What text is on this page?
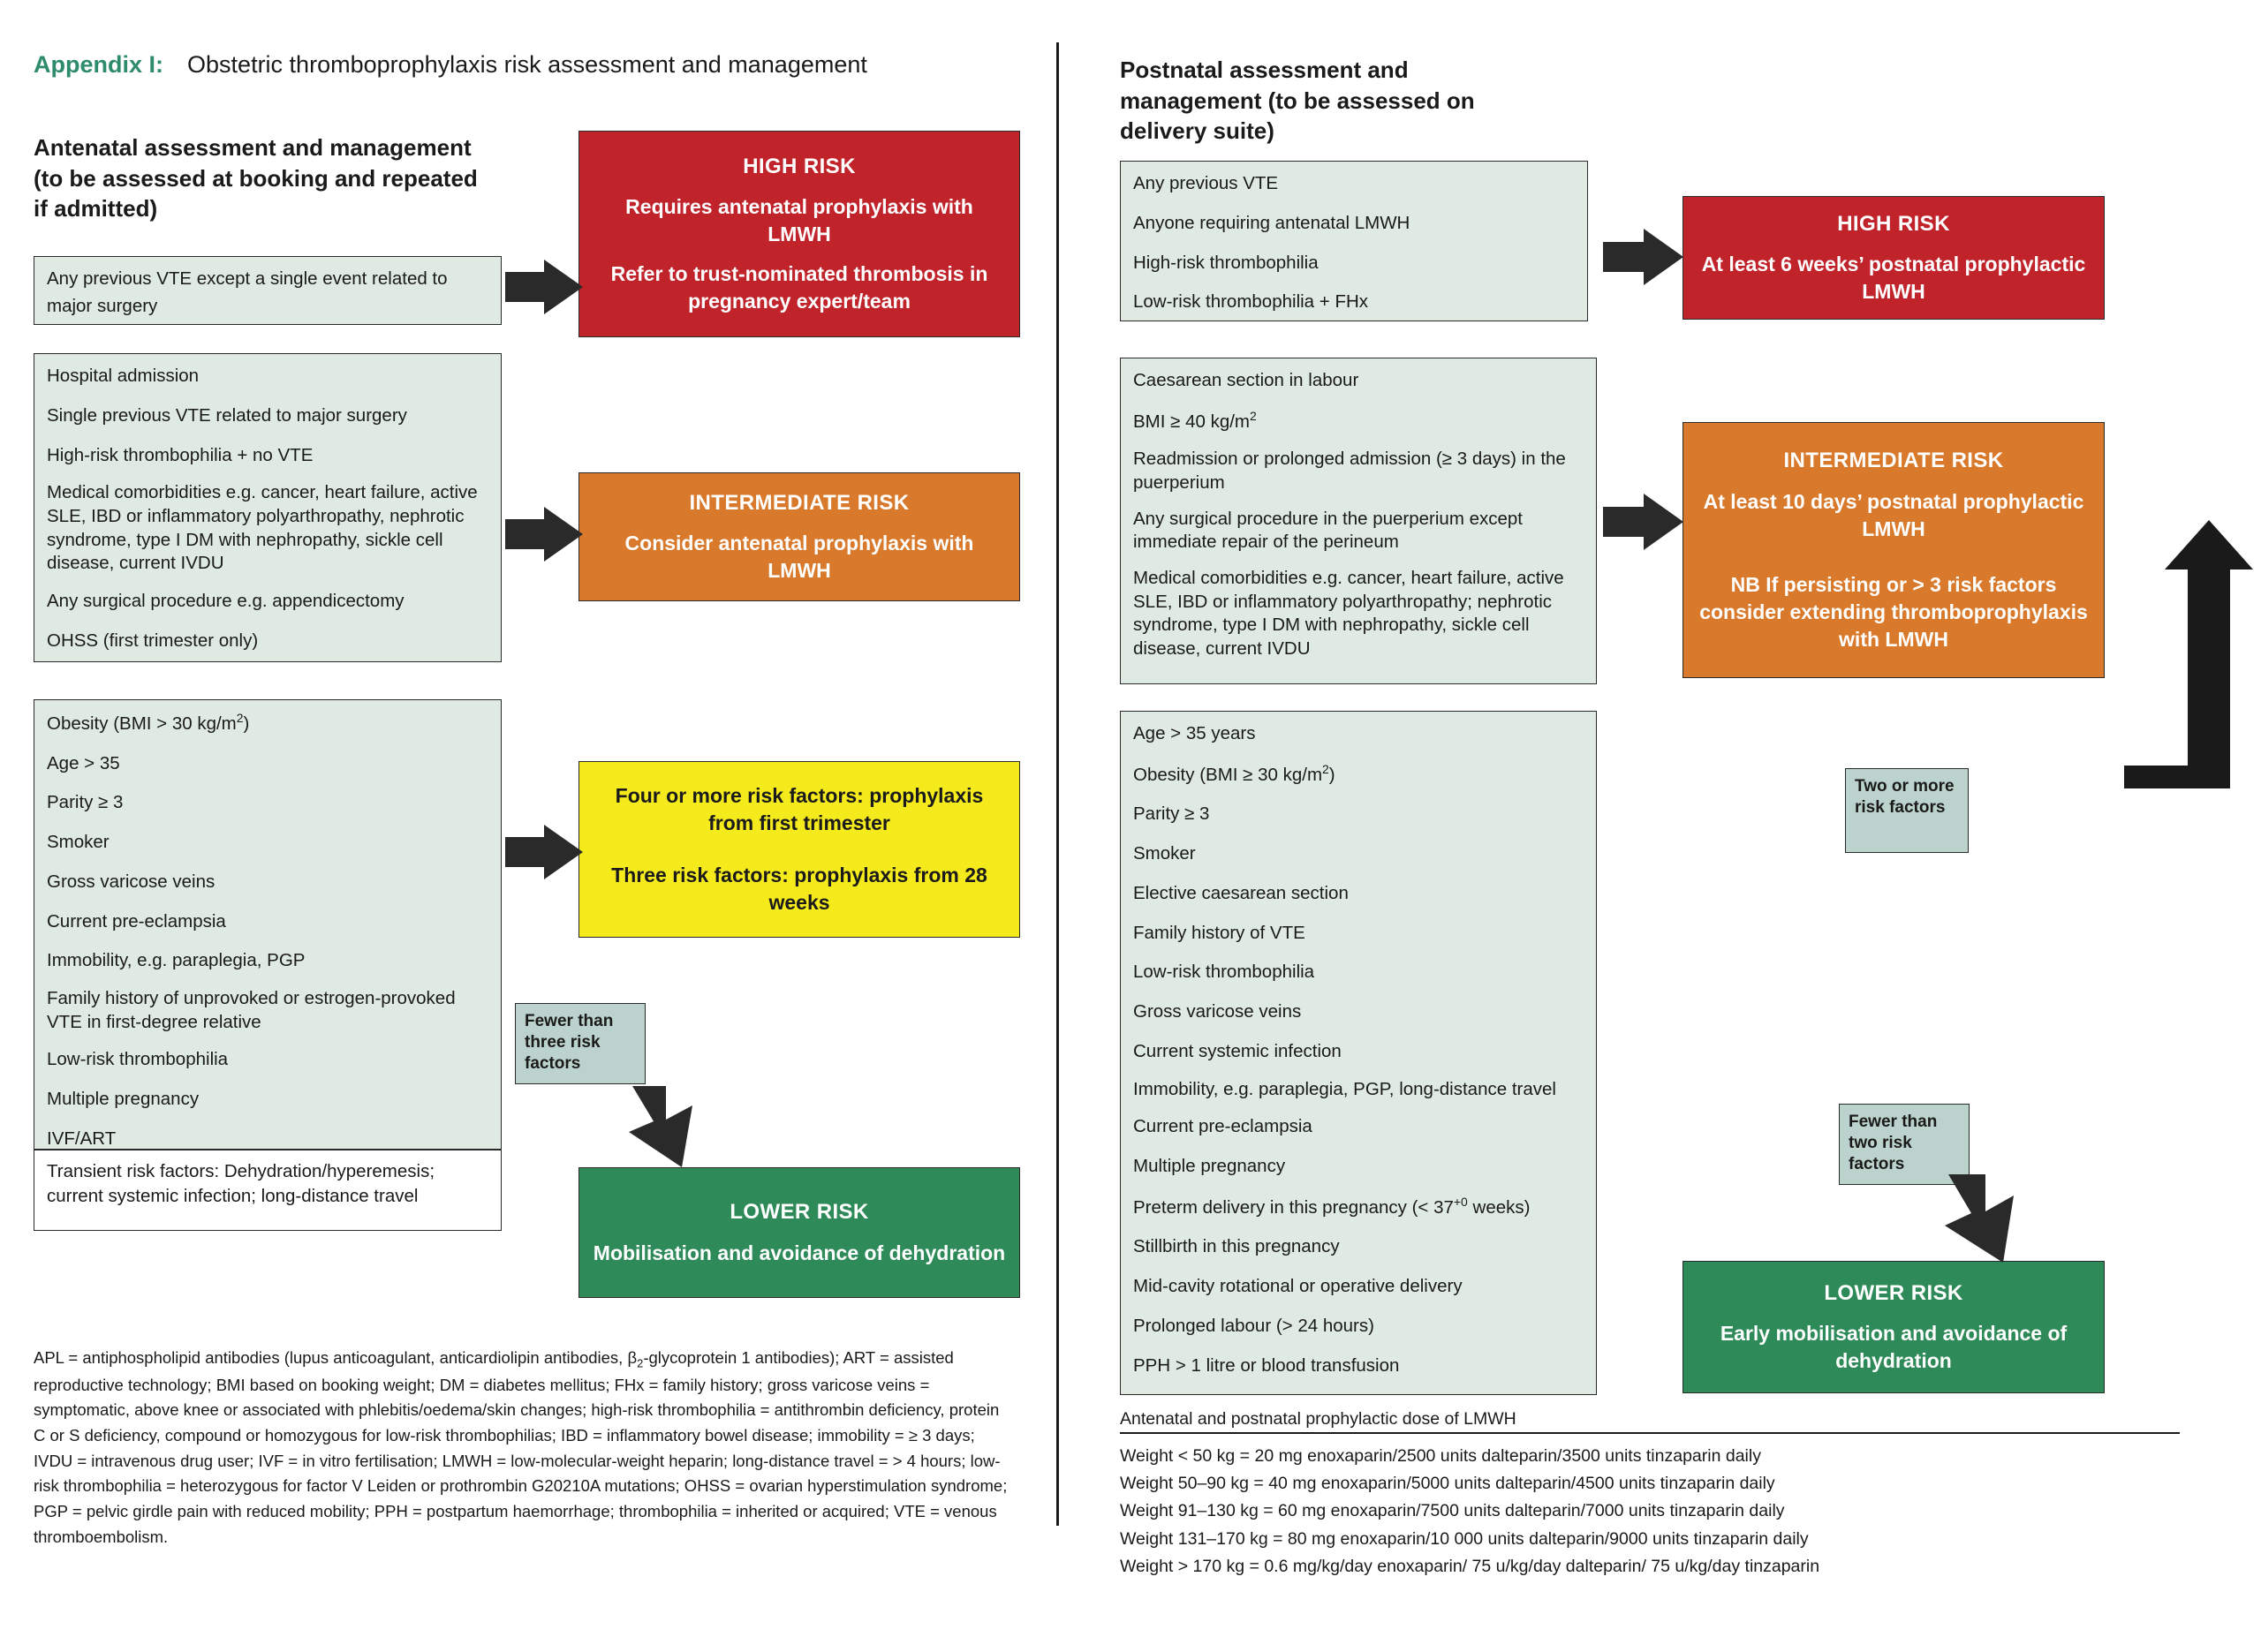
Appendix I: Obstetric thromboprophylaxis risk assessment and management
Antenatal assessment and management (to be assessed at booking and repeated if admitted)
Any previous VTE except a single event related to major surgery
Hospital admission
Single previous VTE related to major surgery
High-risk thrombophilia + no VTE
Medical comorbidities e.g. cancer, heart failure, active SLE, IBD or inflammatory polyarthropathy, nephrotic syndrome, type I DM with nephropathy, sickle cell disease, current IVDU
Any surgical procedure e.g. appendicectomy
OHSS (first trimester only)
Obesity (BMI > 30 $kg/m^2$)
Age > 35
Parity ≥ 3
Smoker
Gross varicose veins
Current pre-eclampsia
Immobility, e.g. paraplegia, PGP
Family history of unprovoked or estrogen-provoked VTE in first-degree relative
Low-risk thrombophilia
Multiple pregnancy
IVF/ART
Transient risk factors: Dehydration/hyperemesis; current systemic infection; long-distance travel
HIGH RISK

Requires antenatal prophylaxis with LMWH

Refer to trust-nominated thrombosis in pregnancy expert/team

INTERMEDIATE RISK

Consider antenatal prophylaxis with LMWH

Four or more risk factors: prophylaxis from first trimester

Three risk factors: prophylaxis from 28 weeks

LOWER RISK

Mobilisation and avoidance of dehydration

Fewer than three risk factors
APL = antiphospholipid antibodies (lupus anticoagulant, anticardiolipin antibodies, $\beta_2$-glycoprotein 1 antibodies); ART = assisted reproductive technology; BMI based on booking weight; DM = diabetes mellitus; FHx = family history; gross varicose veins = symptomatic, above knee or associated with phlebitis/oedema/skin changes; high-risk thrombophilia = antithrombin deficiency, protein C or S deficiency, compound or homozygous for low-risk thrombophilias; IBD = inflammatory bowel disease; immobility = ≥ 3 days; IVDU = intravenous drug user; IVF = in vitro fertilisation; LMWH = low-molecular-weight heparin; long-distance travel = > 4 hours; low-risk thrombophilia = heterozygous for factor V Leiden or prothrombin G20210A mutations; OHSS = ovarian hyperstimulation syndrome; PGP = pelvic girdle pain with reduced mobility; PPH = postpartum haemorrhage; thrombophilia = inherited or acquired; VTE = venous thromboembolism.
Postnatal assessment and management (to be assessed on delivery suite)
Any previous VTE
Anyone requiring antenatal LMWH
High-risk thrombophilia
Low-risk thrombophilia + FHx
Caesarean section in labour
BMI ≥ 40 $kg/m^2$
Readmission or prolonged admission (≥ 3 days) in the puerperium
Any surgical procedure in the puerperium except immediate repair of the perineum
Medical comorbidities e.g. cancer, heart failure, active SLE, IBD or inflammatory polyarthropathy; nephrotic syndrome, type I DM with nephropathy, sickle cell disease, current IVDU
Age > 35 years
Obesity (BMI ≥ 30 $kg/m^2$)
Parity ≥ 3
Smoker
Elective caesarean section
Family history of VTE
Low-risk thrombophilia
Gross varicose veins
Current systemic infection
Immobility, e.g. paraplegia, PGP, long-distance travel
Current pre-eclampsia
Multiple pregnancy
Preterm delivery in this pregnancy (< $37^{+0}$ weeks)
Stillbirth in this pregnancy
Mid-cavity rotational or operative delivery
Prolonged labour (> 24 hours)
PPH > 1 litre or blood transfusion
HIGH RISK

At least 6 weeks’ postnatal prophylactic LMWH

INTERMEDIATE RISK

At least 10 days’ postnatal prophylactic LMWH

NB If persisting or > 3 risk factors consider extending thromboprophylaxis with LMWH

LOWER RISK

Early mobilisation and avoidance of dehydration

Two or more risk factors
Fewer than two risk factors
Antenatal and postnatal prophylactic dose of LMWH
Weight < 50 kg = 20 mg enoxaparin/2500 units dalteparin/3500 units tinzaparin daily
Weight 50–90 kg = 40 mg enoxaparin/5000 units dalteparin/4500 units tinzaparin daily
Weight 91–130 kg = 60 mg enoxaparin/7500 units dalteparin/7000 units tinzaparin daily
Weight 131–170 kg = 80 mg enoxaparin/10 000 units dalteparin/9000 units tinzaparin daily
Weight > 170 kg = 0.6 mg/kg/day enoxaparin/ 75 u/kg/day dalteparin/ 75 u/kg/day tinzaparin
